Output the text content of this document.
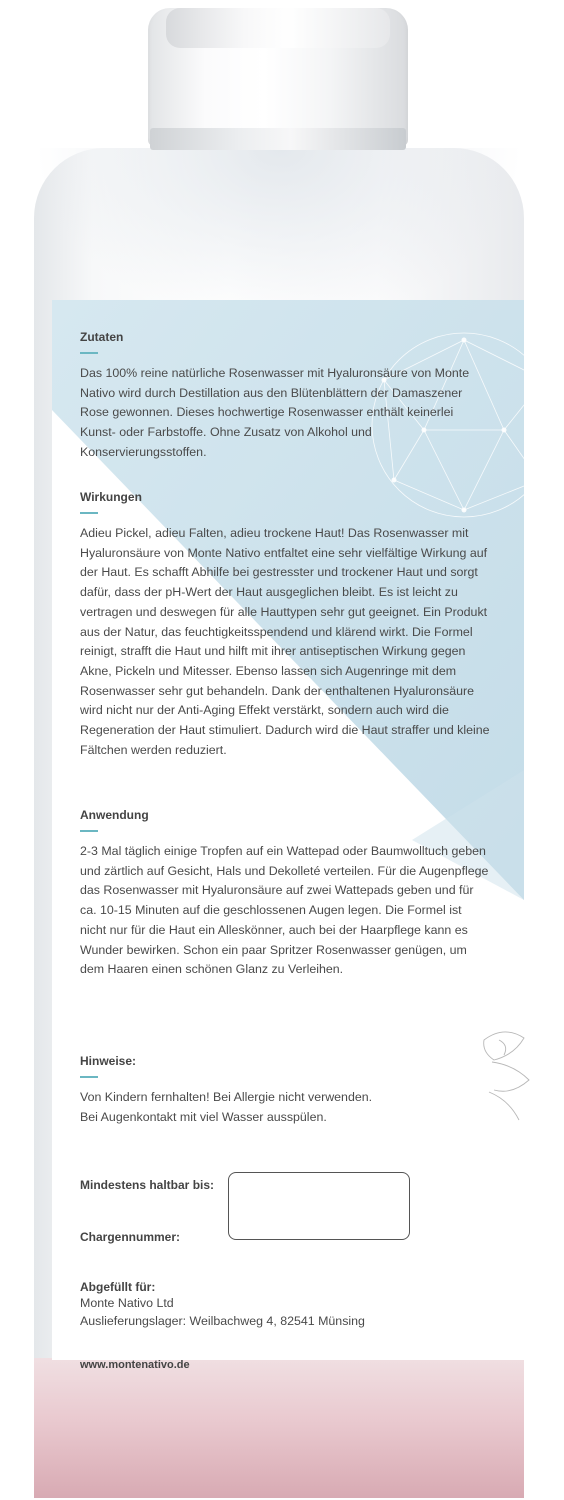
Zutaten

Das 100% reine natürliche Rosenwasser mit Hyaluronsäure von Monte Nativo wird durch Destillation aus den Blütenblättern der Damaszener Rose gewonnen. Dieses hochwertige Rosenwasser enthält keinerlei Kunst- oder Farbstoffe. Ohne Zusatz von Alkohol und Konservierungsstoffen.

Wirkungen

Adieu Pickel, adieu Falten, adieu trockene Haut! Das Rosenwasser mit Hyaluronsäure von Monte Nativo entfaltet eine sehr vielfältige Wirkung auf der Haut. Es schafft Abhilfe bei gestresster und trockener Haut und sorgt dafür, dass der pH-Wert der Haut ausgeglichen bleibt. Es ist leicht zu vertragen und deswegen für alle Hauttypen sehr gut geeignet. Ein Produkt aus der Natur, das feuchtigkeitsspendend und klärend wirkt. Die Formel reinigt, strafft die Haut und hilft mit ihrer antiseptischen Wirkung gegen Akne, Pickeln und Mitesser. Ebenso lassen sich Augenringe mit dem Rosenwasser sehr gut behandeln. Dank der enthaltenen Hyaluronsäure wird nicht nur der Anti-Aging Effekt verstärkt, sondern auch wird die Regeneration der Haut stimuliert. Dadurch wird die Haut straffer und kleine Fältchen werden reduziert.

Anwendung

2-3 Mal täglich einige Tropfen auf ein Wattepad oder Baumwolltuch geben und zärtlich auf Gesicht, Hals und Dekolleté verteilen. Für die Augenpflege das Rosenwasser mit Hyaluronsäure auf zwei Wattepads geben und für ca. 10-15 Minuten auf die geschlossenen Augen legen. Die Formel ist nicht nur für die Haut ein Alleskönner, auch bei der Haarpflege kann es Wunder bewirken. Schon ein paar Spritzer Rosenwasser genügen, um dem Haaren einen schönen Glanz zu Verleihen.

Hinweise:

Von Kindern fernhalten! Bei Allergie nicht verwenden.

Bei Augenkontakt mit viel Wasser ausspülen.

Mindestens haltbar bis:
Chargennummer:

Abgefüllt für:

Monte Nativo Ltd

Auslieferungslager: Weilbachweg 4, 82541 Münsing

www.montenativo.de
